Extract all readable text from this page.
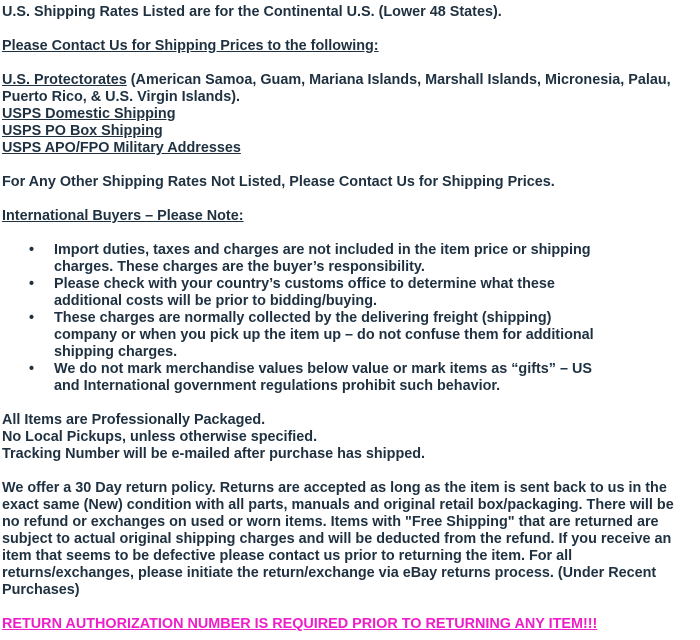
U.S. Shipping Rates Listed are for the Continental U.S. (Lower 48 States).

Please Contact Us for Shipping Prices to the following:

U.S. Protectorates (American Samoa, Guam, Mariana Islands, Marshall Islands, Micronesia, Palau, Puerto Rico, & U.S. Virgin Islands).

USPS Domestic Shipping

USPS PO Box Shipping

USPS APO/FPO Military Addresses

For Any Other Shipping Rates Not Listed, Please Contact Us for Shipping Prices.

International Buyers – Please Note:

• Import duties, taxes and charges are not included in the item price or shipping charges. These charges are the buyer’s responsibility.
• Please check with your country’s customs office to determine what these additional costs will be prior to bidding/buying.
• These charges are normally collected by the delivering freight (shipping) company or when you pick up the item up – do not confuse them for additional shipping charges.
• We do not mark merchandise values below value or mark items as “gifts” – US and International government regulations prohibit such behavior.

All Items are Professionally Packaged.

No Local Pickups, unless otherwise specified.

Tracking Number will be e-mailed after purchase has shipped.

We offer a 30 Day return policy. Returns are accepted as long as the item is sent back to us in the exact same (New) condition with all parts, manuals and original retail box/packaging. There will be no refund or exchanges on used or worn items. Items with "Free Shipping" that are returned are subject to actual original shipping charges and will be deducted from the refund. If you receive an item that seems to be defective please contact us prior to returning the item. For all returns/exchanges, please initiate the return/exchange via eBay returns process. (Under Recent Purchases)

RETURN AUTHORIZATION NUMBER IS REQUIRED PRIOR TO RETURNING ANY ITEM!!!
